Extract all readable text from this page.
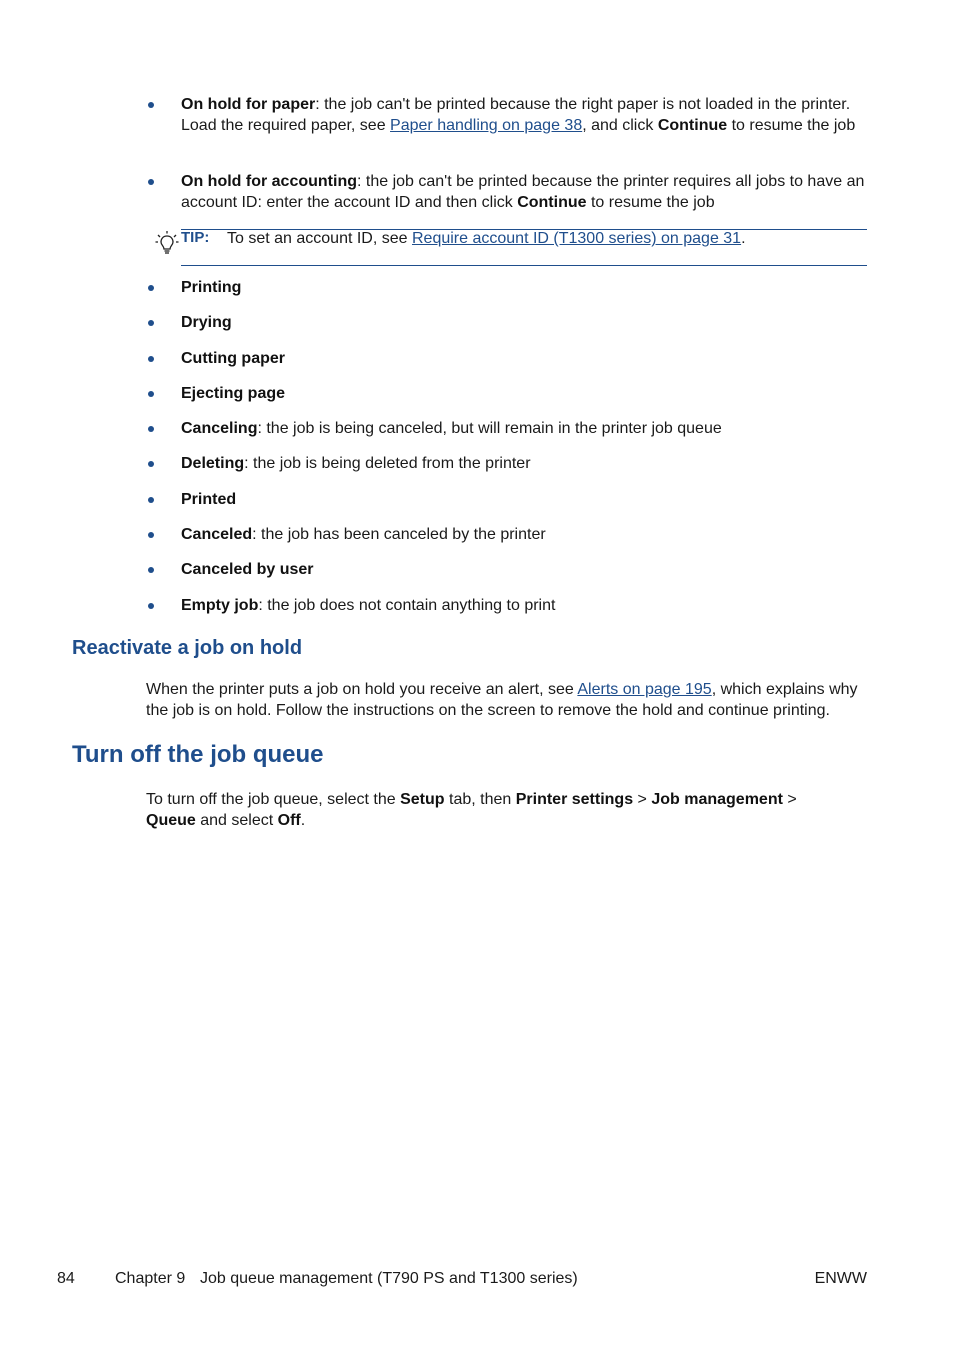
On hold for paper: the job can't be printed because the right paper is not loaded in the printer. Load the required paper, see Paper handling on page 38, and click Continue to resume the job
On hold for accounting: the job can't be printed because the printer requires all jobs to have an account ID: enter the account ID and then click Continue to resume the job
TIP: To set an account ID, see Require account ID (T1300 series) on page 31.
Printing
Drying
Cutting paper
Ejecting page
Canceling: the job is being canceled, but will remain in the printer job queue
Deleting: the job is being deleted from the printer
Printed
Canceled: the job has been canceled by the printer
Canceled by user
Empty job: the job does not contain anything to print
Reactivate a job on hold
When the printer puts a job on hold you receive an alert, see Alerts on page 195, which explains why the job is on hold. Follow the instructions on the screen to remove the hold and continue printing.
Turn off the job queue
To turn off the job queue, select the Setup tab, then Printer settings > Job management >
Queue and select Off.
84	Chapter 9 Job queue management (T790 PS and T1300 series)	ENWW
